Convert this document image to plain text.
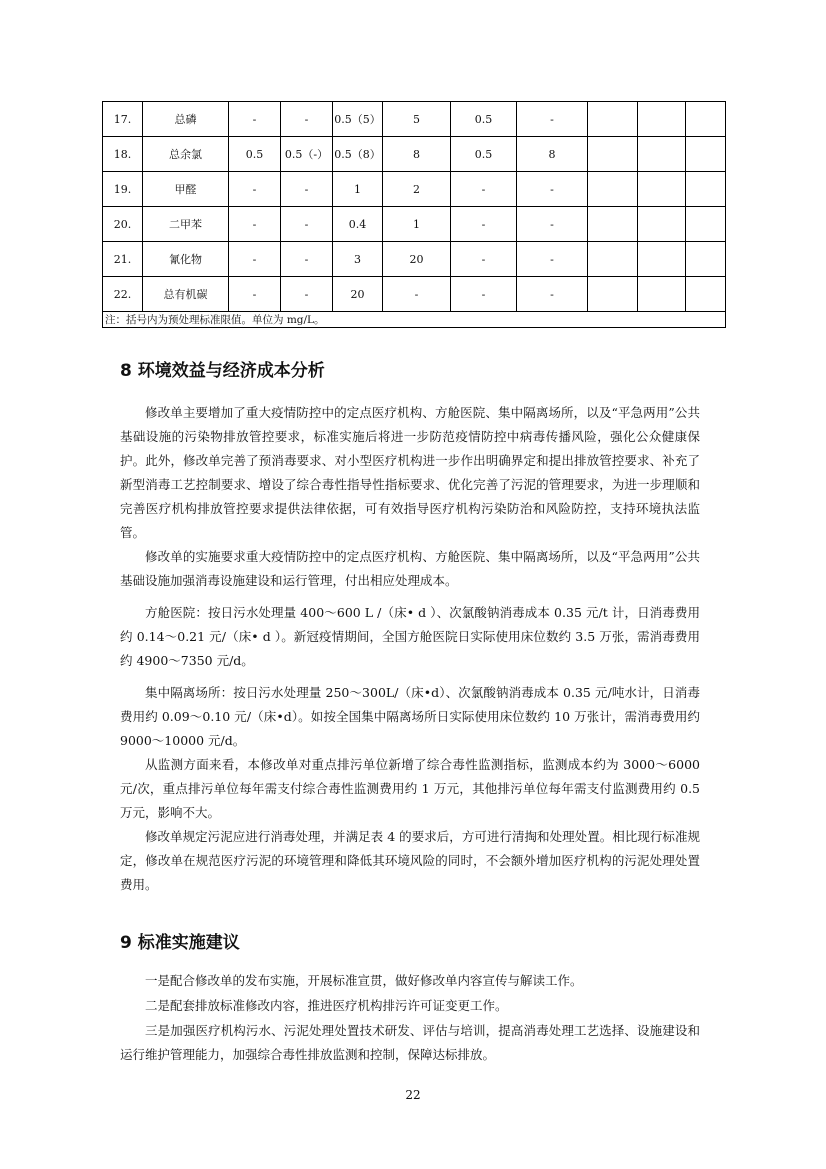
17.	总磷	-	-	0.5（5）	5	0.5	-			
18.	总余氯	0.5	0.5（-）	0.5（8）	8	0.5	8			
19.	甲醛	-	-	1	2	-	-			
20.	二甲苯	-	-	0.4	1	-	-			
21.	氰化物	-	-	3	20	-	-			
22.	总有机碳	-	-	20	-	-	-			
注：括号内为预处理标准限值。单位为 mg/L。										
8 环境效益与经济成本分析

修改单主要增加了重大疫情防控中的定点医疗机构、方舱医院、集中隔离场所，以及“平急两用”公共基础设施的污染物排放管控要求，标准实施后将进一步防范疫情防控中病毒传播风险，强化公众健康保护。此外，修改单完善了预消毒要求、对小型医疗机构进一步作出明确界定和提出排放管控要求、补充了新型消毒工艺控制要求、增设了综合毒性指导性指标要求、优化完善了污泥的管理要求，为进一步理顺和完善医疗机构排放管控要求提供法律依据，可有效指导医疗机构污染防治和风险防控，支持环境执法监管。

修改单的实施要求重大疫情防控中的定点医疗机构、方舱医院、集中隔离场所，以及“平急两用”公共基础设施加强消毒设施建设和运行管理，付出相应处理成本。

方舱医院：按日污水处理量 400～600 L /（床• d ）、次氯酸钠消毒成本 0.35 元/t 计，日消毒费用约 0.14～0.21 元/（床• d ）。新冠疫情期间，全国方舱医院日实际使用床位数约 3.5 万张，需消毒费用约 4900～7350 元/d。

集中隔离场所：按日污水处理量 250～300L/（床•d）、次氯酸钠消毒成本 0.35 元/吨水计，日消毒费用约 0.09～0.10 元/（床•d）。如按全国集中隔离场所日实际使用床位数约 10 万张计，需消毒费用约 9000～10000 元/d。

从监测方面来看，本修改单对重点排污单位新增了综合毒性监测指标，监测成本约为 3000～6000 元/次，重点排污单位每年需支付综合毒性监测费用约 1 万元，其他排污单位每年需支付监测费用约 0.5 万元，影响不大。

修改单规定污泥应进行消毒处理，并满足表 4 的要求后，方可进行清掏和处理处置。相比现行标准规定，修改单在规范医疗污泥的环境管理和降低其环境风险的同时，不会额外增加医疗机构的污泥处理处置费用。

9 标准实施建议

一是配合修改单的发布实施，开展标准宣贯，做好修改单内容宣传与解读工作。

二是配套排放标准修改内容，推进医疗机构排污许可证变更工作。

三是加强医疗机构污水、污泥处理处置技术研发、评估与培训，提高消毒处理工艺选择、设施建设和运行维护管理能力，加强综合毒性排放监测和控制，保障达标排放。

22
